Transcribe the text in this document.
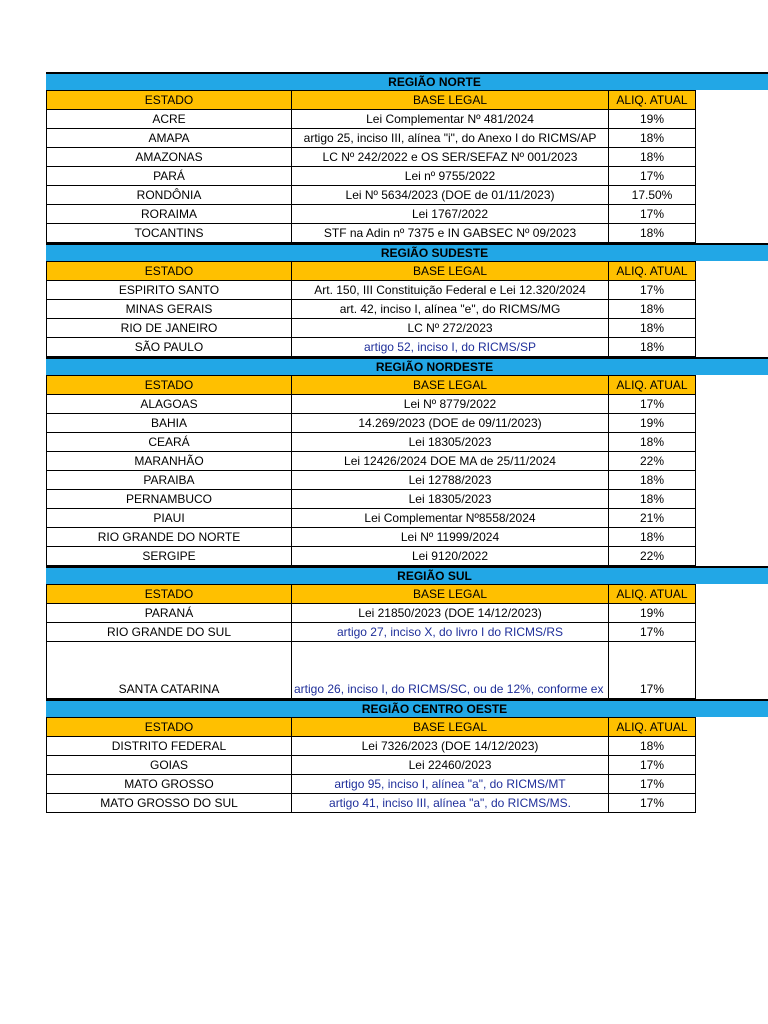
REGIÃO NORTE
ESTADO	BASE LEGAL	ALIQ. ATUAL
ACRE	Lei Complementar Nº 481/2024	19%
AMAPA	artigo 25, inciso III, alínea "i", do Anexo I do RICMS/AP	18%
AMAZONAS	LC Nº 242/2022 e OS SER/SEFAZ Nº 001/2023	18%
PARÁ	Lei nº 9755/2022	17%
RONDÔNIA	Lei Nº 5634/2023 (DOE de 01/11/2023)	17.50%
RORAIMA	Lei 1767/2022	17%
TOCANTINS	STF na Adin nº 7375 e IN GABSEC Nº 09/2023	18%
REGIÃO SUDESTE
ESTADO	BASE LEGAL	ALIQ. ATUAL
ESPIRITO SANTO	Art. 150, III Constituição Federal e Lei 12.320/2024	17%
MINAS GERAIS	art. 42, inciso I, alínea "e", do RICMS/MG	18%
RIO DE JANEIRO	LC Nº 272/2023	18%
SÃO PAULO	artigo 52, inciso I, do RICMS/SP	18%
REGIÃO NORDESTE
ESTADO	BASE LEGAL	ALIQ. ATUAL
ALAGOAS	Lei Nº 8779/2022	17%
BAHIA	14.269/2023 (DOE de 09/11/2023)	19%
CEARÁ	Lei 18305/2023	18%
MARANHÃO	Lei 12426/2024 DOE MA de 25/11/2024	22%
PARAIBA	Lei 12788/2023	18%
PERNAMBUCO	Lei 18305/2023	18%
PIAUI	Lei Complementar Nº8558/2024	21%
RIO GRANDE DO NORTE	Lei Nº 11999/2024	18%
SERGIPE	Lei 9120/2022	22%
REGIÃO SUL
ESTADO	BASE LEGAL	ALIQ. ATUAL
PARANÁ	Lei 21850/2023 (DOE 14/12/2023)	19%
RIO GRANDE DO SUL	artigo 27, inciso X, do livro I do RICMS/RS	17%
SANTA CATARINA	artigo 26, inciso I, do RICMS/SC, ou de 12%, conforme ex	17%
REGIÃO CENTRO OESTE
ESTADO	BASE LEGAL	ALIQ. ATUAL
DISTRITO FEDERAL	Lei 7326/2023 (DOE 14/12/2023)	18%
GOIAS	Lei 22460/2023	17%
MATO GROSSO	artigo 95, inciso I, alínea "a", do RICMS/MT	17%
MATO GROSSO DO SUL	artigo 41, inciso III, alínea "a", do RICMS/MS.	17%
